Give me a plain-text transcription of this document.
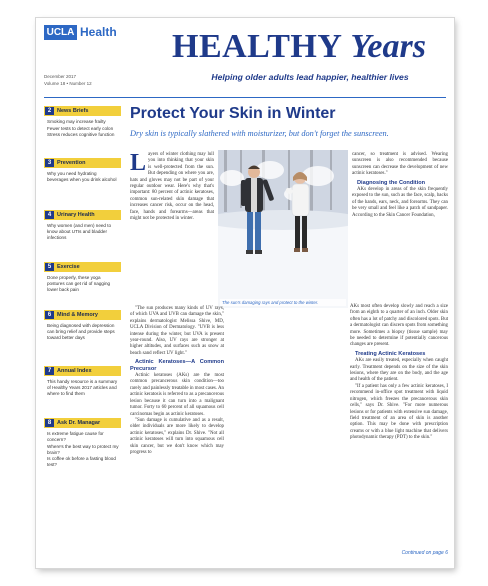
UCLA Health
December 2017
Volume 18 • Number 12
HEALTHY Years
Helping older adults lead happier, healthier lives
2	News Briefs
Smoking may increase frailty
Fewer tests to detect early colon
Stress reduces cognitive function
3	Prevention
Why you need hydrating beverages when you drink alcohol
4	Urinary Health
Why women (and men) need to know about UTIs and bladder infections
5	Exercise
Done properly, these yoga postures can get rid of nagging lower back pain
6	Mind & Memory
Being diagnosed with depression can bring relief and provide steps toward better days
7	Annual Index
This handy resource is a summary of Healthy Years 2017 articles and where to find them
8	Ask Dr. Managar
Is extreme fatigue cause for concern?
Where's the best way to protect my brain?
Is coffee ok before a fasting blood test?
Protect Your Skin in Winter
Dry skin is typically slathered with moisturizer, but don't forget the sunscreen.
L ayers of winter clothing may lull you into thinking that your skin is well-protected from the sun. But depending on where you are, hats and gloves may not be part of your regular outdoor wear. Here's why that's important: 80 percent of actinic keratoses, common sun-related skin damage that increases cancer risk, occur on the head, face, hands and forearms—areas that might not be protected in winter.

The sun's damaging rays and protect to the winter.

cancer, so treatment is advised. Wearing sunscreen is also recommended because sunscreen can decrease the development of new actinic keratoses."

Diagnosing the Condition

AKs develop in areas of the skin frequently exposed to the sun, such as the face, scalp, backs of the hands, ears, neck, and forearms. They can be very small and feel like a patch of sandpaper. According to the Skin Cancer Foundation,

"The sun produces many kinds of UV rays, of which UVA and UVB can damage the skin," explains dermatologist Melissa Shive, MD, UCLA Division of Dermatology. "UVB is less intense during the winter, but UVA is present year-round. Also, UV rays are stronger at higher altitudes, and surfaces such as snow at beach sand reflect UV light."

Actinic Keratoses—A Common Precursor

Actinic keratoses (AKs) are the most common precancerous skin condition—too rarely and painlessly treatable in most cases. An actinic keratosis is referred to as a precancerous lesion because it can turn into a malignant tumor. Forty to 60 percent of all squamous cell carcinomas begin as actinic keratoses.

"Sun damage is cumulative and as a result, older individuals are more likely to develop actinic keratoses," explains Dr. Shive. "Not all actinic keratoses will turn into squamous cell skin cancer, but we don't know which may progress to

AKs most often develop slowly and reach a size from an eighth to a quarter of an inch. Older skin often has a lot of patchy and discolored spots. But a dermatologist can discern spots from something more. Sometimes a biopsy (tissue sample) may be needed to determine if potentially cancerous changes are present.

Treating Actinic Keratoses

AKs are easily treated, especially when caught early. Treatment depends on the size of the skin lesions, where they are on the body, and the age and health of the patient.

"If a patient has only a few actinic keratoses, I recommend in-office spot treatment with liquid nitrogen, which freezes the precancerous skin cells," says Dr. Shive. "For more numerous lesions or for patients with extensive sun damage, field treatment of an area of skin is another option. This may be done with prescription creams or with a blue light machine that delivers photodynamic therapy (PDT) to the skin."

Continued on page 6
